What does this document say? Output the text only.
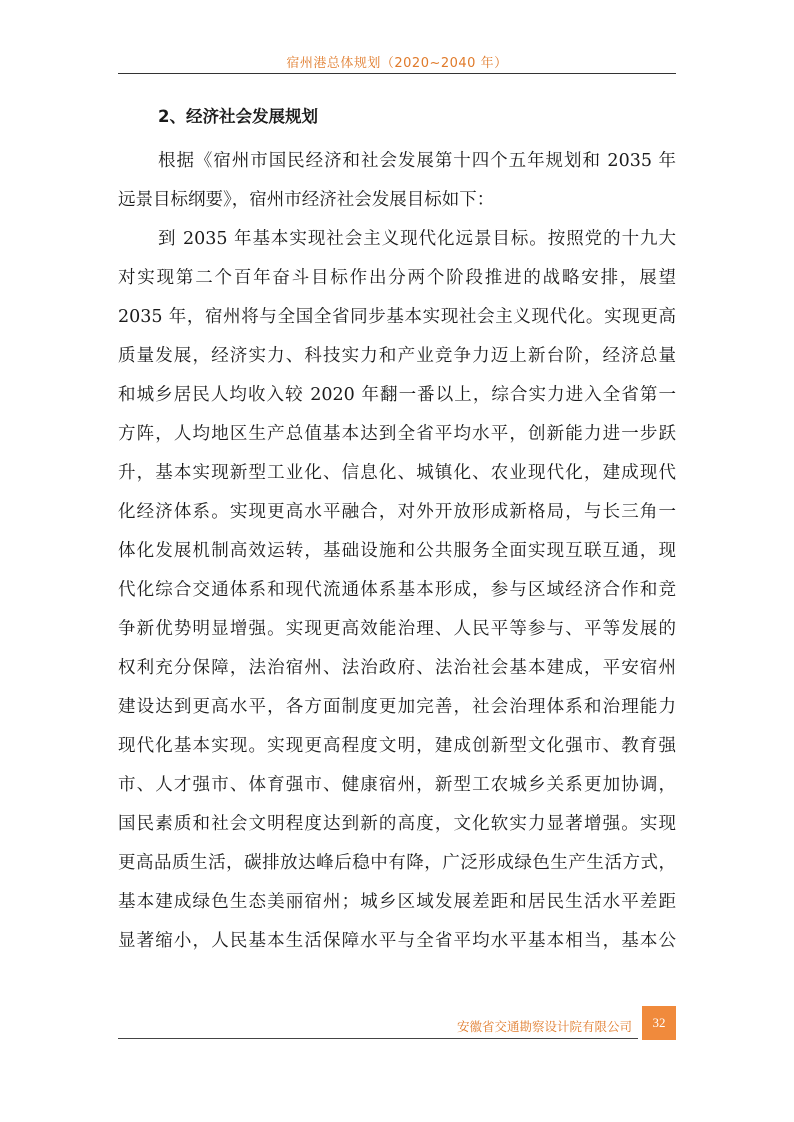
宿州港总体规划（2020~2040 年）
2、经济社会发展规划
根据《宿州市国民经济和社会发展第十四个五年规划和 2035 年
远景目标纲要》，宿州市经济社会发展目标如下：
到 2035 年基本实现社会主义现代化远景目标。按照党的十九大
对实现第二个百年奋斗目标作出分两个阶段推进的战略安排，展望
2035 年，宿州将与全国全省同步基本实现社会主义现代化。实现更高
质量发展，经济实力、科技实力和产业竞争力迈上新台阶，经济总量
和城乡居民人均收入较 2020 年翻一番以上，综合实力进入全省第一
方阵，人均地区生产总值基本达到全省平均水平，创新能力进一步跃
升，基本实现新型工业化、信息化、城镇化、农业现代化，建成现代
化经济体系。实现更高水平融合，对外开放形成新格局，与长三角一
体化发展机制高效运转，基础设施和公共服务全面实现互联互通，现
代化综合交通体系和现代流通体系基本形成，参与区域经济合作和竞
争新优势明显增强。实现更高效能治理、人民平等参与、平等发展的
权利充分保障，法治宿州、法治政府、法治社会基本建成，平安宿州
建设达到更高水平，各方面制度更加完善，社会治理体系和治理能力
现代化基本实现。实现更高程度文明，建成创新型文化强市、教育强
市、人才强市、体育强市、健康宿州，新型工农城乡关系更加协调，
国民素质和社会文明程度达到新的高度，文化软实力显著增强。实现
更高品质生活，碳排放达峰后稳中有降，广泛形成绿色生产生活方式，
基本建成绿色生态美丽宿州；城乡区域发展差距和居民生活水平差距
显著缩小，人民基本生活保障水平与全省平均水平基本相当，基本公
安徽省交通勘察设计院有限公司 32
